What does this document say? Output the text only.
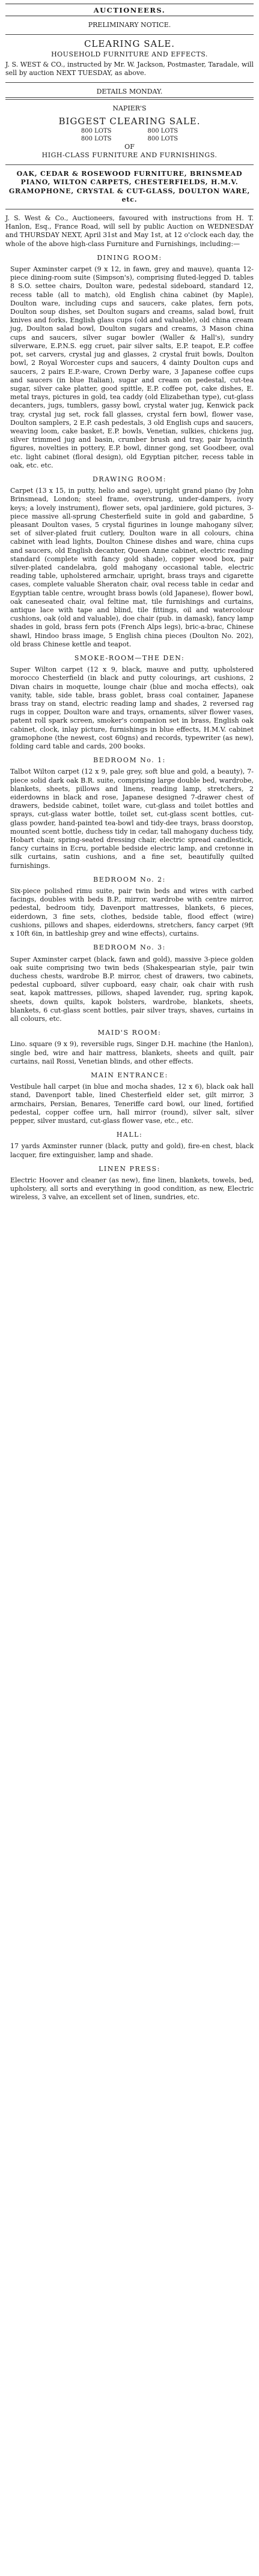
AUCTIONEERS.
PRELIMINARY NOTICE.
CLEARING SALE.
HOUSEHOLD FURNITURE AND EFFECTS.
J. S. WEST & CO., instructed by Mr. W. Jackson, Postmaster, Taradale, will sell by auction NEXT TUESDAY, as above.
DETAILS MONDAY.
NAPIER'S
BIGGEST CLEARING SALE.
800 LOTS
800 LOTS
800 LOTS
800 LOTS
OF
HIGH-CLASS FURNITURE AND FURNISHINGS.
OAK, CEDAR & ROSEWOOD FURNITURE, BRINSMEAD PIANO, WILTON CARPETS, CHESTERFIELDS, H.M.V. GRAMOPHONE, CRYSTAL & CUT-GLASS, DOULTON WARE, etc.
J. S. West & Co., Auctioneers, favoured with instructions from H. T. Hanlon, Esq., France Road, will sell by public Auction on WEDNESDAY and THURSDAY NEXT, April 31st and May 1st, at 12 o'clock each day, the whole of the above high-class Furniture and Furnishings, including:—
DINING ROOM:
Super Axminster carpet (9 x 12, in fawn, grey and mauve), quanta 12-piece dining-room suite (Simpson's), comprising fluted-legged D. tables 8 S.O. settee chairs, Doulton ware, pedestal sideboard, standard 12, recess table (all to match), old English china cabinet (by Maple), Doulton ware, including cups and saucers, cake plates, fern pots, Doulton soup dishes, set Doulton sugars and creams, salad bowl, fruit knives and forks, English glass cups (old and valuable), old china cream jug, Doulton salad bowl, Doulton sugars and creams, 3 Mason china cups and saucers, silver sugar bowler (Waller & Hall's), sundry silverware, E.P.N.S. egg cruet, pair silver salts, E.P. teapot, E.P. coffee pot, set carvers, crystal jug and glasses, 2 crystal fruit bowls, Doulton bowl, 2 Royal Worcester cups and saucers, 4 dainty Doulton cups and saucers, 2 pairs E.P.-ware, Crown Derby ware, 3 Japanese coffee cups and saucers (in blue Italian), sugar and cream on pedestal, cut-tea sugar, silver cake platter, good spittle, E.P. coffee pot, cake dishes, E. metal trays, pictures in gold, tea caddy (old Elizabethan type), cut-glass decanters, jugs, tumblers, gassy bowl, crystal water jug, Kenwick pack tray, crystal jug set, rock fall glasses, crystal fern bowl, flower vase, Doulton samplers, 2 E.P. cash pedestals, 3 old English cups and saucers, weaving loom, cake basket, E.P. bowls, Venetian, sulkies, chickens jug, silver trimmed jug and basin, crumber brush and tray, pair hyacinth figures, novelties in pottery, E.P. bowl, dinner gong, set Goodbeer, oval etc. light cabinet (floral design), old Egyptian pitcher, recess table in oak, etc. etc.
DRAWING ROOM:
Carpet (13 x 15, in putty, helio and sage), upright grand piano (by John Brinsmead, London; steel frame, overstrung, under-dampers, ivory keys; a lovely instrument), flower sets, opal jardiniere, gold pictures, 3-piece massive all-sprung Chesterfield suite in gold and gabardine, 5 pleasant Doulton vases, 5 crystal figurines in lounge mahogany silver, set of silver-plated fruit cutlery, Doulton ware in all colours, china cabinet with lead lights, Doulton Chinese dishes and ware, china cups and saucers, old English decanter, Queen Anne cabinet, electric reading standard (complete with fancy gold shade), copper wood box, pair silver-plated candelabra, gold mahogany occasional table, electric reading table, upholstered armchair, upright, brass trays and cigarette cases, complete valuable Sheraton chair, oval recess table in cedar and Egyptian table centre, wrought brass bowls (old Japanese), flower bowl, oak caneseated chair, oval feltine mat, tile furnishings and curtains, antique lace with tape and blind, tile fittings, oil and watercolour cushions, oak (old and valuable), doe chair (pub. in damask), fancy lamp shades in gold, brass fern pots (French Alps legs), bric-a-brac, Chinese shawl, Hindoo brass image, 5 English china pieces (Doulton No. 202), old brass Chinese kettle and teapot.
SMOKE-ROOM—THE DEN:
Super Wilton carpet (12 x 9, black, mauve and putty, upholstered morocco Chesterfield (in black and putty colourings, art cushions, 2 Divan chairs in moquette, lounge chair (blue and mocha effects), oak vanity, table, side table, brass goblet, brass coal container, Japanese brass tray on stand, electric reading lamp and shades, 2 reversed rag rugs in copper, Doulton ware and trays, ornaments, silver flower vases, patent roll spark screen, smoker's companion set in brass, English oak cabinet, clock, inlay picture, furnishings in blue effects, H.M.V. cabinet gramophone (the newest, cost 60gns) and records, typewriter (as new), folding card table and cards, 200 books.
BEDROOM No. 1:
Talbot Wilton carpet (12 x 9, pale grey, soft blue and gold, a beauty), 7-piece solid dark oak B.R. suite, comprising large double bed, wardrobe, blankets, sheets, pillows and linens, reading lamp, stretchers, 2 eiderdowns in black and rose, Japanese designed 7-drawer chest of drawers, bedside cabinet, toilet ware, cut-glass and toilet bottles and sprays, cut-glass water bottle, toilet set, cut-glass scent bottles, cut-glass powder, hand-painted tea-bowl and tidy-dee trays, brass doorstop, mounted scent bottle, duchess tidy in cedar, tall mahogany duchess tidy, Hobart chair, spring-seated dressing chair, electric spread candlestick, fancy curtains in Ecru, portable bedside electric lamp, and cretonne in silk curtains, satin cushions, and a fine set, beautifully quilted furnishings.
BEDROOM No. 2:
Six-piece polished rimu suite, pair twin beds and wires with carbed facings, doubles with beds B.P., mirror, wardrobe with centre mirror, pedestal, bedroom tidy, Davenport mattresses, blankets, 6 pieces, eiderdown, 3 fine sets, clothes, bedside table, flood effect (wire) cushions, pillows and shapes, eiderdowns, stretchers, fancy carpet (9ft x 10ft 6in, in battleship grey and wine effects), curtains.
BEDROOM No. 3:
Super Axminster carpet (black, fawn and gold), massive 3-piece golden oak suite comprising two twin beds (Shakespearian style, pair twin duchess chests, wardrobe B.P. mirror, chest of drawers, two cabinets, pedestal cupboard, silver cupboard, easy chair, oak chair with rush seat, kapok mattresses, pillows, shaped lavender, rug, spring kapok, sheets, down quilts, kapok bolsters, wardrobe, blankets, sheets, blankets, 6 cut-glass scent bottles, pair silver trays, shaves, curtains in all colours, etc.
MAID'S ROOM:
Lino. square (9 x 9), reversible rugs, Singer D.H. machine (the Hanlon), single bed, wire and hair mattress, blankets, sheets and quilt, pair curtains, nail Rossi, Venetian blinds, and other effects.
MAIN ENTRANCE:
Vestibule hall carpet (in blue and mocha shades, 12 x 6), black oak hall stand, Davenport table, lined Chesterfield elder set, gilt mirror, 3 armchairs, Persian, Benares, Teneriffe card bowl, our lined, fortified pedestal, copper coffee urn, hall mirror (round), silver salt, silver pepper, silver mustard, cut-glass flower vase, etc., etc.
HALL:
17 yards Axminster runner (black, putty and gold), fire-en chest, black lacquer, fire extinguisher, lamp and shade.
LINEN PRESS:
Electric Hoover and cleaner (as new), fine linen, blankets, towels, bed, upholstery, all sorts and everything in good condition, as new, Electric wireless, 3 valve, an excellent set of linen, sundries, etc.
